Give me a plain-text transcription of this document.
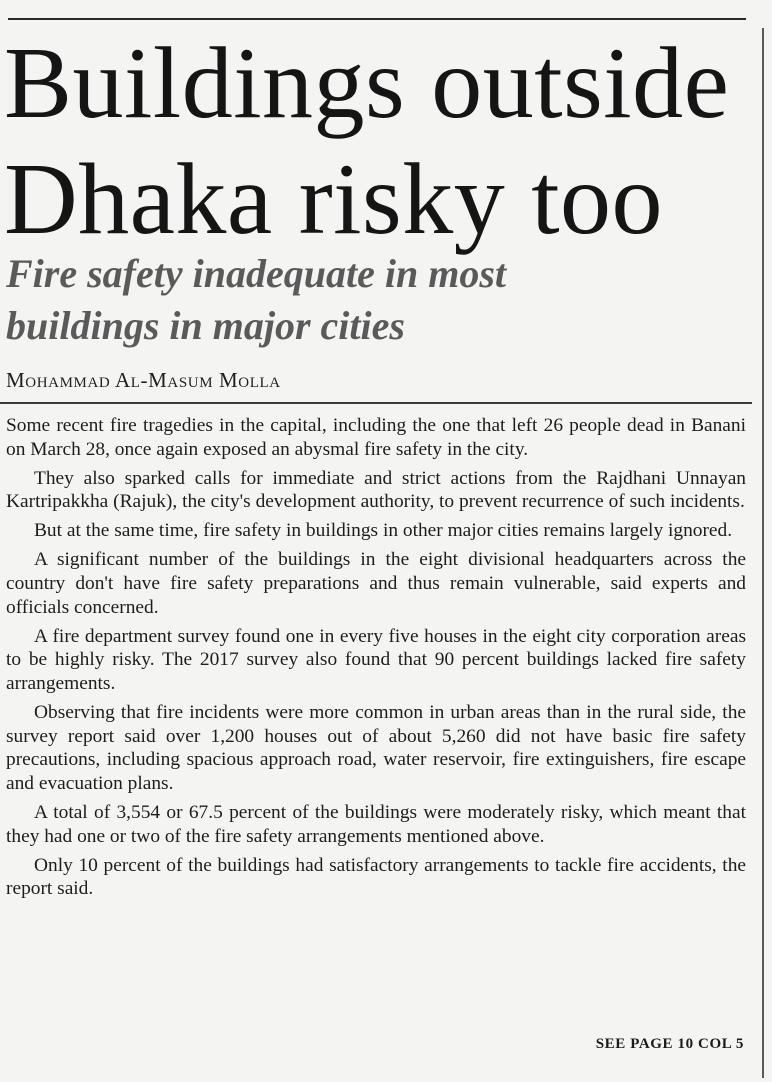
Buildings outside
Dhaka risky too
Fire safety inadequate in most
buildings in major cities
Mohammad Al-Masum Molla

Some recent fire tragedies in the capital, including the one that left 26 people dead in Banani on March 28, once again exposed an abysmal fire safety in the city.

They also sparked calls for immediate and strict actions from the Rajdhani Unnayan Kartripakkha (Rajuk), the city's development authority, to prevent recurrence of such incidents.

But at the same time, fire safety in buildings in other major cities remains largely ignored.

A significant number of the buildings in the eight divisional headquarters across the country don't have fire safety preparations and thus remain vulnerable, said experts and officials concerned.

A fire department survey found one in every five houses in the eight city corporation areas to be highly risky. The 2017 survey also found that 90 percent buildings lacked fire safety arrangements.

Observing that fire incidents were more common in urban areas than in the rural side, the survey report said over 1,200 houses out of about 5,260 did not have basic fire safety precautions, including spacious approach road, water reservoir, fire extinguishers, fire escape and evacuation plans.

A total of 3,554 or 67.5 percent of the buildings were moderately risky, which meant that they had one or two of the fire safety arrangements mentioned above.

Only 10 percent of the buildings had satisfactory arrangements to tackle fire accidents, the report said.

SEE PAGE 10 COL 5
